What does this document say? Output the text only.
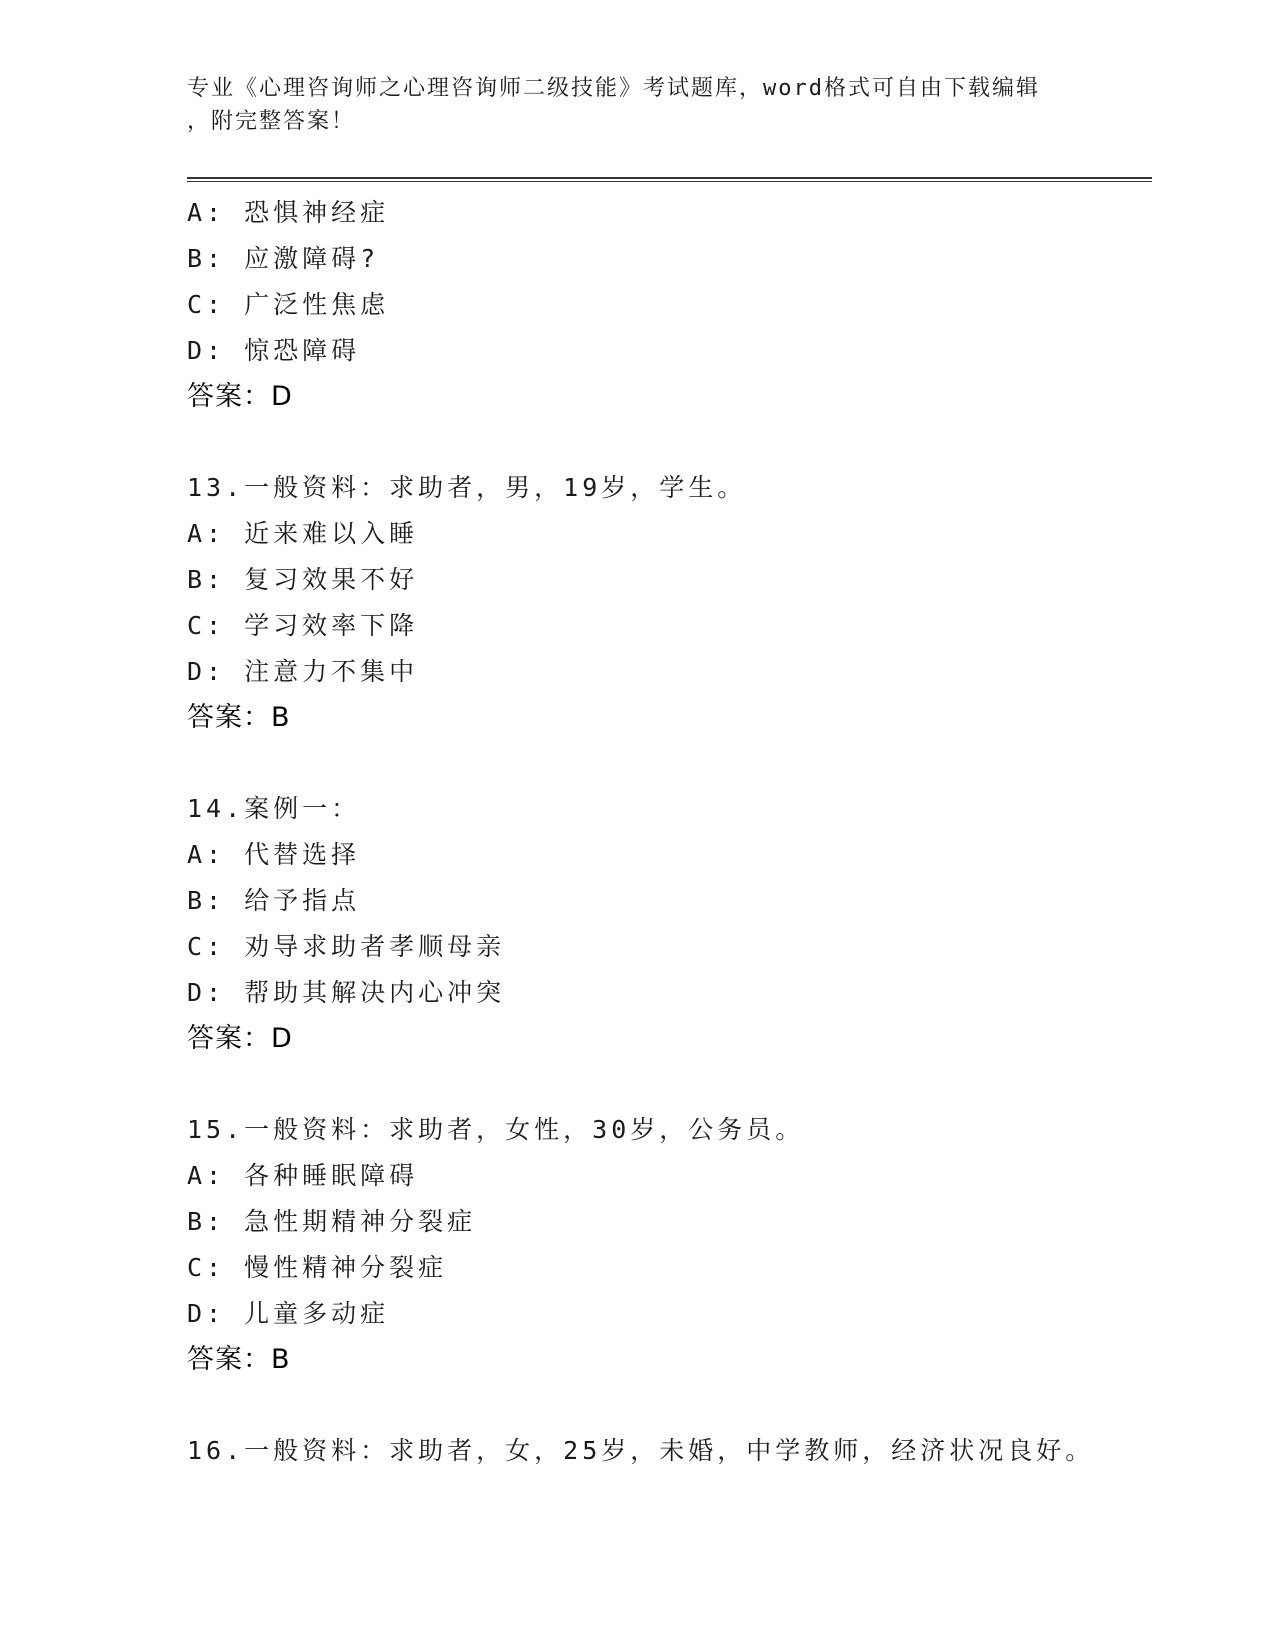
专业《心理咨询师之心理咨询师二级技能》考试题库，word格式可自由下载编辑
，附完整答案！
A: 恐惧神经症
B: 应激障碍?
C: 广泛性焦虑
D: 惊恐障碍
答案：D
13.一般资料：求助者，男，19岁，学生。
A: 近来难以入睡
B: 复习效果不好
C: 学习效率下降
D: 注意力不集中
答案：B
14.案例一：
A: 代替选择
B: 给予指点
C: 劝导求助者孝顺母亲
D: 帮助其解决内心冲突
答案：D
15.一般资料：求助者，女性，30岁，公务员。
A: 各种睡眠障碍
B: 急性期精神分裂症
C: 慢性精神分裂症
D: 儿童多动症
答案：B
16.一般资料：求助者，女，25岁，未婚，中学教师，经济状况良好。
